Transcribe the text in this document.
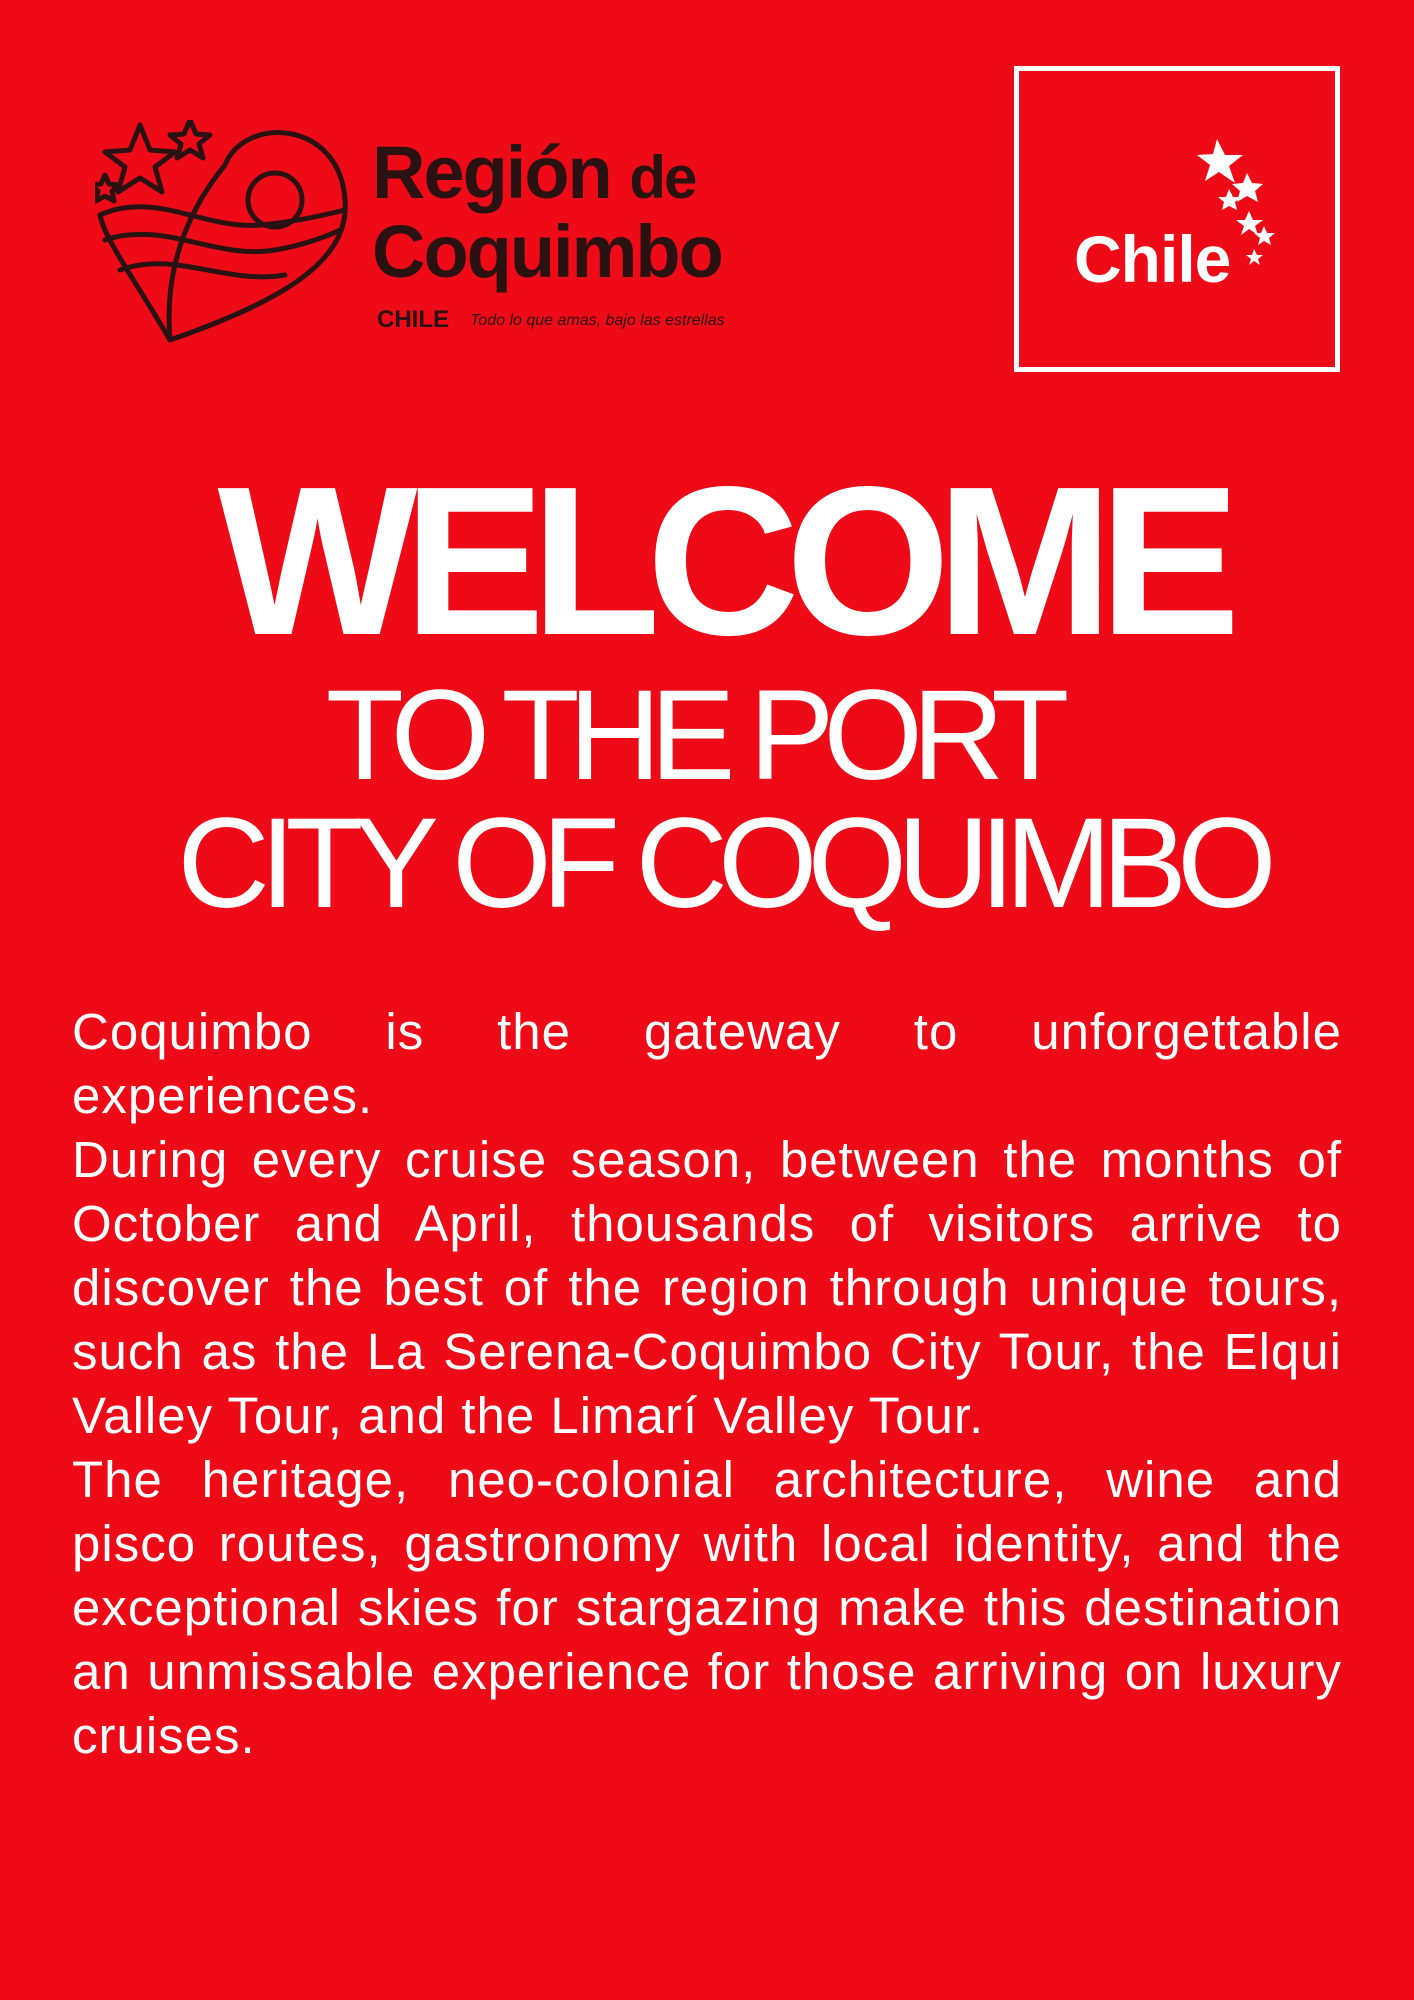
Región de
Coquimbo
CHILE Todo lo que amas, bajo las estrellas
Chile
WELCOME
TO THE PORT
CITY OF COQUIMBO

Coquimbo is the gateway to unforgettable experiences.

During every cruise season, between the months of October and April, thousands of visitors arrive to discover the best of the region through unique tours, such as the La Serena-Coquimbo City Tour, the Elqui Valley Tour, and the Limarí Valley Tour.

The heritage, neo-colonial architecture, wine and pisco routes, gastronomy with local identity, and the exceptional skies for stargazing make this destination an unmissable experience for those arriving on luxury cruises.
